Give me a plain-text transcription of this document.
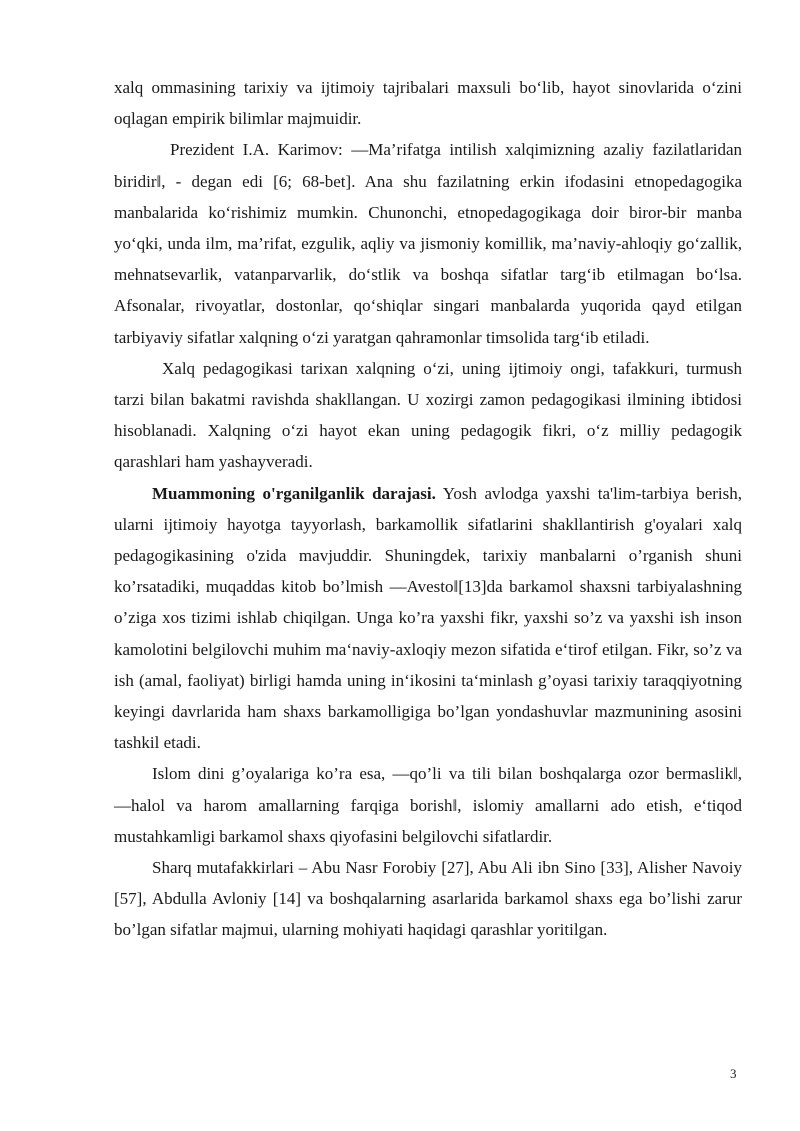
xalq ommasining tarixiy va ijtimoiy tajribalari maxsuli bo‘lib, hayot sinovlarida o‘zini oqlagan empirik bilimlar majmuidir.

Prezident I.A. Karimov: ―Ma’rifatga intilish xalqimizning azaliy fazilatlaridan biridir‖, - degan edi [6; 68-bet]. Ana shu fazilatning erkin ifodasini etnopedagogika manbalarida ko‘rishimiz mumkin. Chunonchi, etnopedagogikaga doir biror-bir manba yo‘qki, unda ilm, ma’rifat, ezgulik, aqliy va jismoniy komillik, ma’naviy-ahloqiy go‘zallik, mehnatsevarlik, vatanparvarlik, do‘stlik va boshqa sifatlar targ‘ib etilmagan bo‘lsa. Afsonalar, rivoyatlar, dostonlar, qo‘shiqlar singari manbalarda yuqorida qayd etilgan tarbiyaviy sifatlar xalqning o‘zi yaratgan qahramonlar timsolida targ‘ib etiladi.

Xalq pedagogikasi tarixan xalqning o‘zi, uning ijtimoiy ongi, tafakkuri, turmush tarzi bilan bakatmi ravishda shakllangan. U xozirgi zamon pedagogikasi ilmining ibtidosi hisoblanadi. Xalqning o‘zi hayot ekan uning pedagogik fikri, o‘z milliy pedagogik qarashlari ham yashayveradi.

Muammoning o'rganilganlik darajasi. Yosh avlodga yaxshi ta'lim-tarbiya berish, ularni ijtimoiy hayotga tayyorlash, barkamollik sifatlarini shakllantirish g'oyalari xalq pedagogikasining o'zida mavjuddir. Shuningdek, tarixiy manbalarni o’rganish shuni ko’rsatadiki, muqaddas kitob bo’lmish ―Avesto‖[13]da barkamol shaxsni tarbiyalashning o’ziga xos tizimi ishlab chiqilgan. Unga ko’ra yaxshi fikr, yaxshi so’z va yaxshi ish inson kamolotini belgilovchi muhim ma‘naviy-axloqiy mezon sifatida e‘tirof etilgan. Fikr, so’z va ish (amal, faoliyat) birligi hamda uning in‘ikosini ta‘minlash g’oyasi tarixiy taraqqiyotning keyingi davrlarida ham shaxs barkamolligiga bo’lgan yondashuvlar mazmunining asosini tashkil etadi.

Islom dini g’oyalariga ko’ra esa, ―qo’li va tili bilan boshqalarga ozor bermaslik‖, ―halol va harom amallarning farqiga borish‖, islomiy amallarni ado etish, e‘tiqod mustahkamligi barkamol shaxs qiyofasini belgilovchi sifatlardir.

Sharq mutafakkirlari – Abu Nasr Forobiy [27], Abu Ali ibn Sino [33], Alisher Navoiy [57], Abdulla Avloniy [14] va boshqalarning asarlarida barkamol shaxs ega bo’lishi zarur bo’lgan sifatlar majmui, ularning mohiyati haqidagi qarashlar yoritilgan.

3
